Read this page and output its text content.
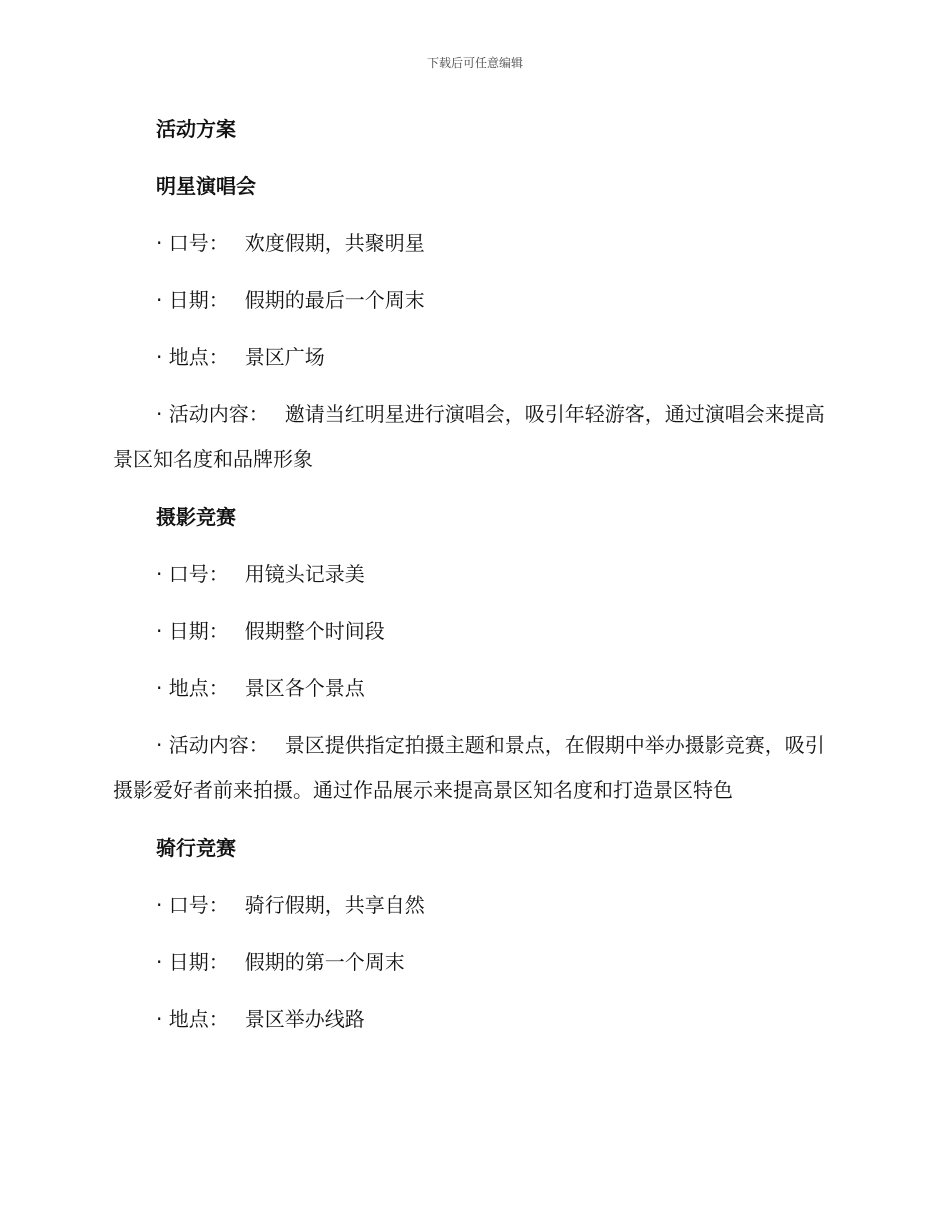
下载后可任意编辑
活动方案
明星演唱会
· 口号： 欢度假期，共聚明星
· 日期： 假期的最后一个周末
· 地点： 景区广场
· 活动内容： 邀请当红明星进行演唱会，吸引年轻游客，通过演唱会来提高景区知名度和品牌形象
摄影竞赛
· 口号： 用镜头记录美
· 日期： 假期整个时间段
· 地点： 景区各个景点
· 活动内容： 景区提供指定拍摄主题和景点，在假期中举办摄影竞赛，吸引摄影爱好者前来拍摄。通过作品展示来提高景区知名度和打造景区特色
骑行竞赛
· 口号： 骑行假期，共享自然
· 日期： 假期的第一个周末
· 地点： 景区举办线路
